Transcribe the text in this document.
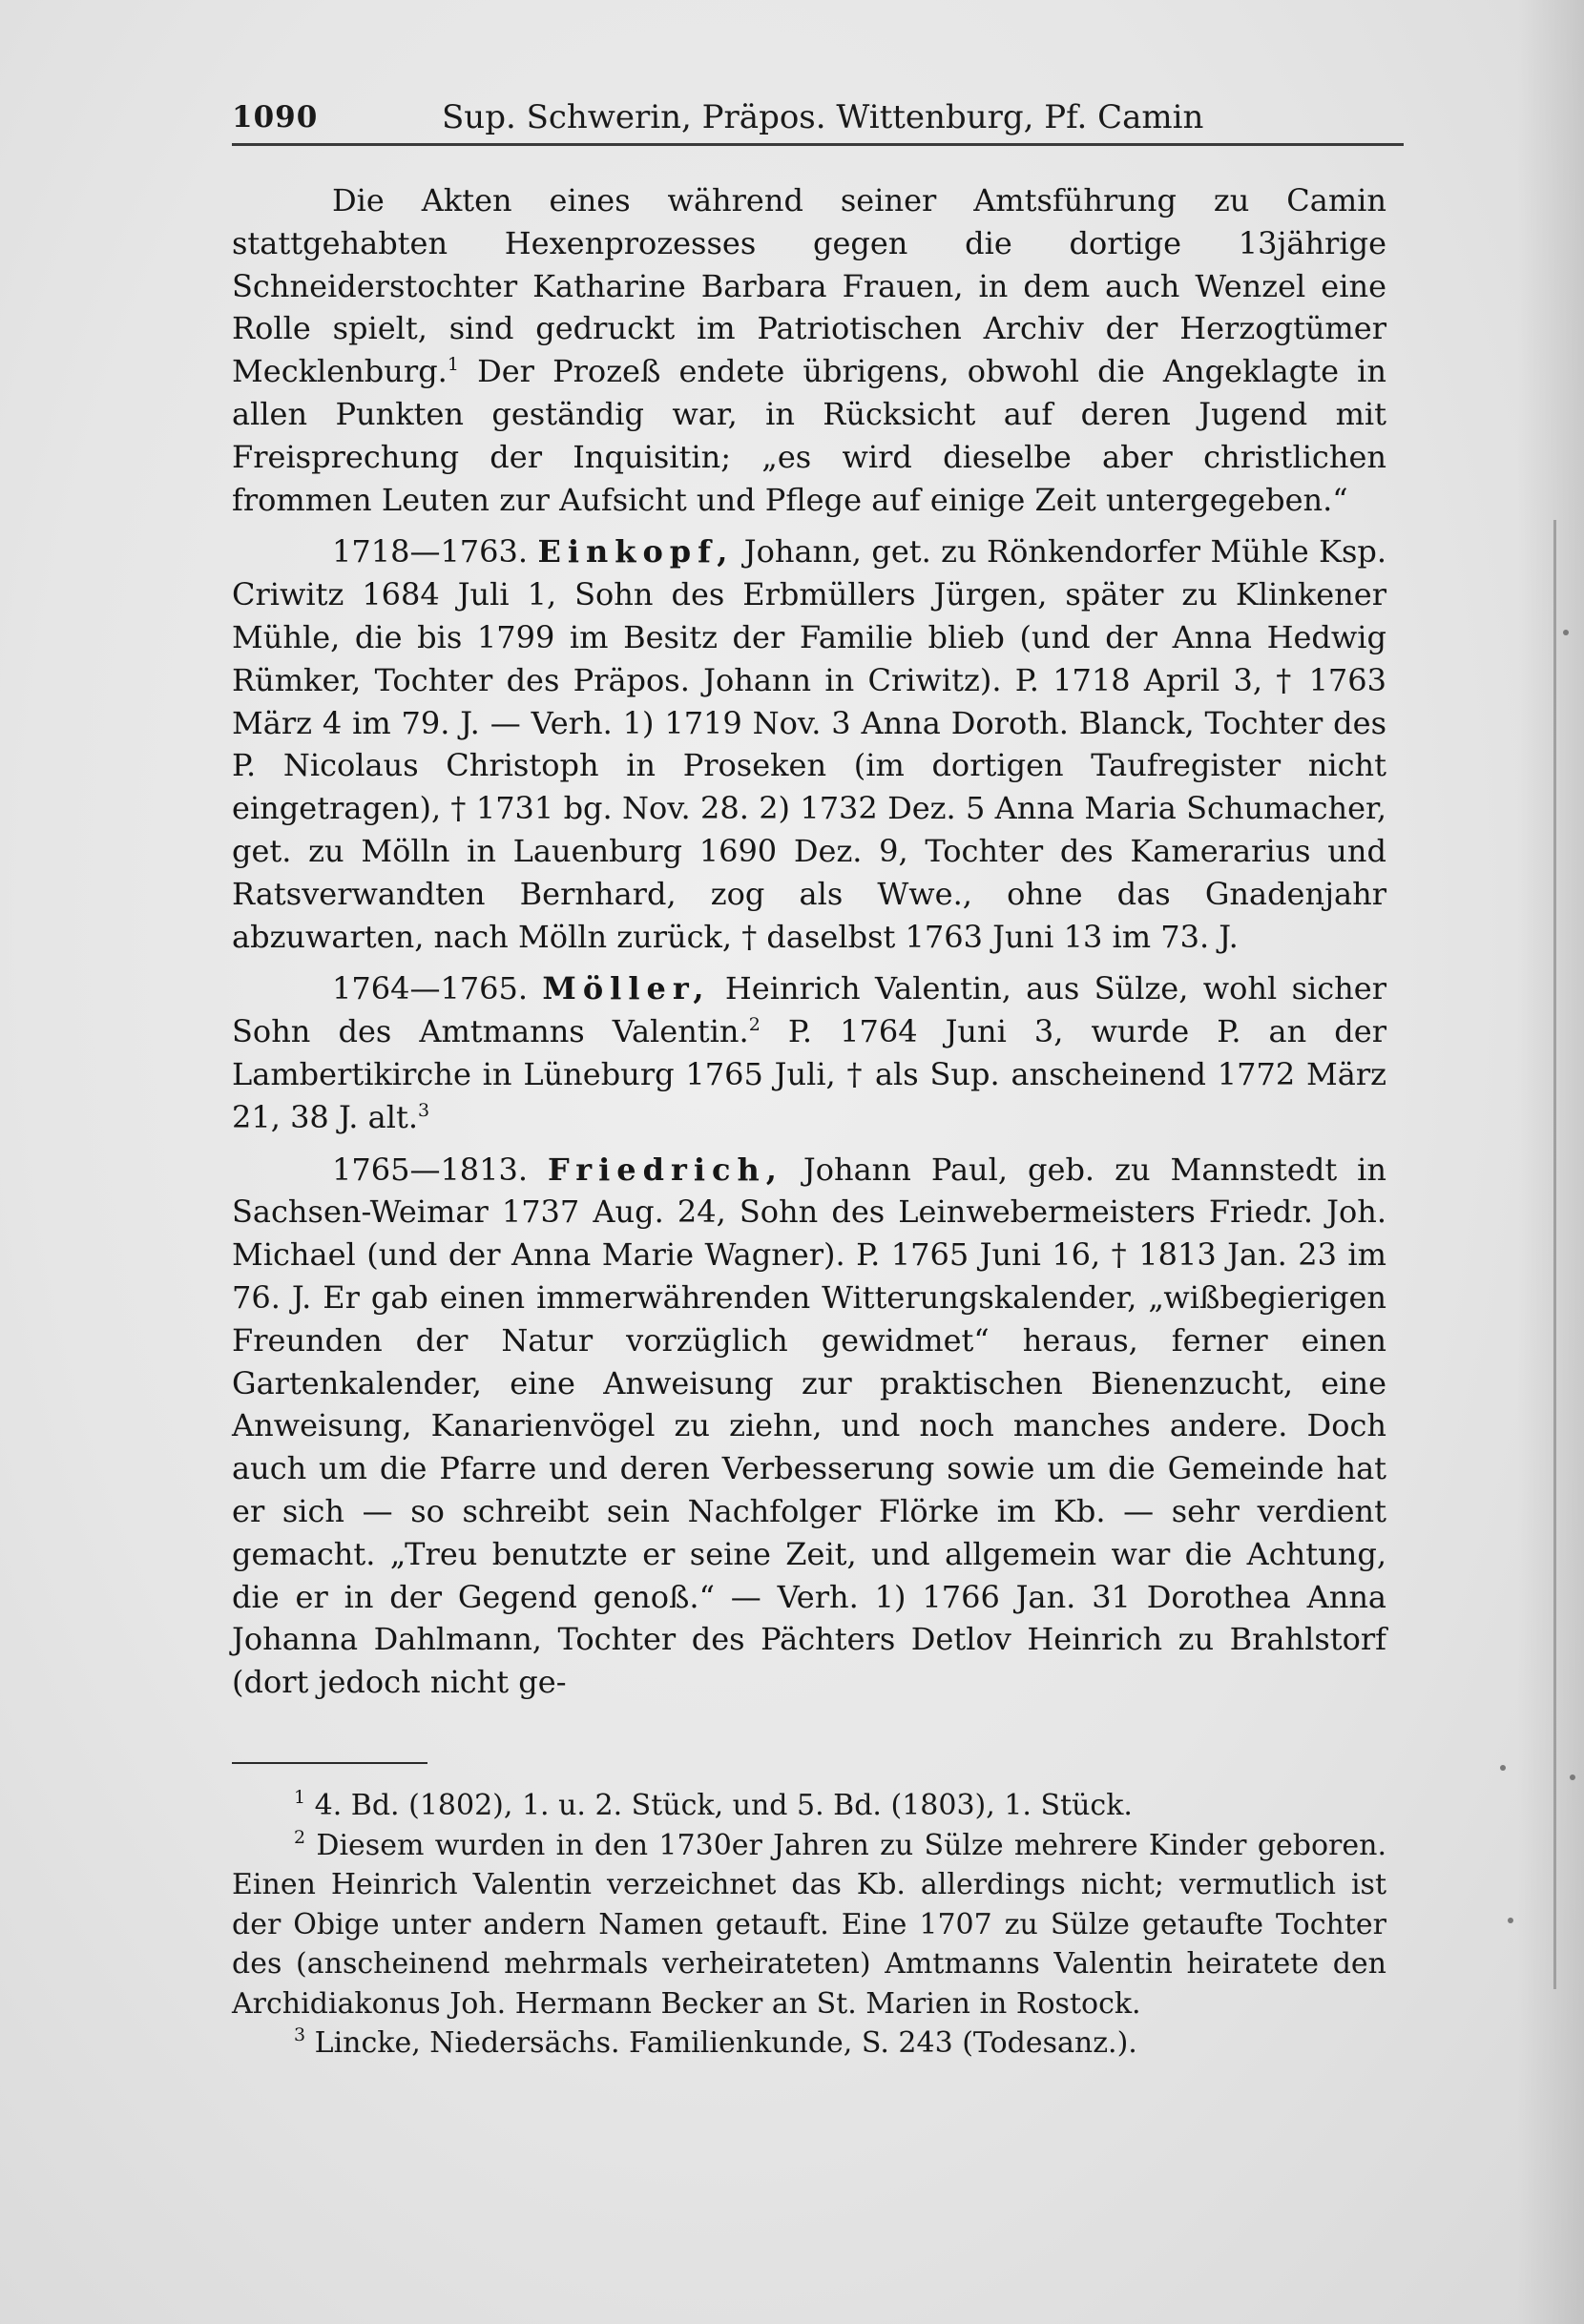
1090	Sup. Schwerin, Präpos. Wittenburg, Pf. Camin

Die Akten eines während seiner Amtsführung zu Camin stattgehabten Hexenprozesses gegen die dortige 13jährige Schneiderstochter Katharine Barbara Frauen, in dem auch Wenzel eine Rolle spielt, sind gedruckt im Patriotischen Archiv der Herzogtümer Mecklenburg.$^1$ Der Prozeß endete übrigens, obwohl die Angeklagte in allen Punkten geständig war, in Rücksicht auf deren Jugend mit Freisprechung der Inquisitin; „es wird dieselbe aber christlichen frommen Leuten zur Aufsicht und Pflege auf einige Zeit untergegeben.“

1718—1763. Einkopf, Johann, get. zu Rönkendorfer Mühle Ksp. Criwitz 1684 Juli 1, Sohn des Erbmüllers Jürgen, später zu Klinkener Mühle, die bis 1799 im Besitz der Familie blieb (und der Anna Hedwig Rümker, Tochter des Präpos. Johann in Criwitz). P. 1718 April 3, † 1763 März 4 im 79. J. — Verh. 1) 1719 Nov. 3 Anna Doroth. Blanck, Tochter des P. Nicolaus Christoph in Proseken (im dortigen Taufregister nicht eingetragen), † 1731 bg. Nov. 28. 2) 1732 Dez. 5 Anna Maria Schumacher, get. zu Mölln in Lauenburg 1690 Dez. 9, Tochter des Kamerarius und Ratsverwandten Bernhard, zog als Wwe., ohne das Gnadenjahr abzuwarten, nach Mölln zurück, † daselbst 1763 Juni 13 im 73. J.

1764—1765. Möller, Heinrich Valentin, aus Sülze, wohl sicher Sohn des Amtmanns Valentin.$^2$ P. 1764 Juni 3, wurde P. an der Lambertikirche in Lüneburg 1765 Juli, † als Sup. anscheinend 1772 März 21, 38 J. alt.$^3$

1765—1813. Friedrich, Johann Paul, geb. zu Mannstedt in Sachsen-Weimar 1737 Aug. 24, Sohn des Leinwebermeisters Friedr. Joh. Michael (und der Anna Marie Wagner). P. 1765 Juni 16, † 1813 Jan. 23 im 76. J. Er gab einen immerwährenden Witterungskalender, „wißbegierigen Freunden der Natur vorzüglich gewidmet“ heraus, ferner einen Gartenkalender, eine Anweisung zur praktischen Bienenzucht, eine Anweisung, Kanarienvögel zu ziehn, und noch manches andere. Doch auch um die Pfarre und deren Verbesserung sowie um die Gemeinde hat er sich — so schreibt sein Nachfolger Flörke im Kb. — sehr verdient gemacht. „Treu benutzte er seine Zeit, und allgemein war die Achtung, die er in der Gegend genoß.“ — Verh. 1) 1766 Jan. 31 Dorothea Anna Johanna Dahlmann, Tochter des Pächters Detlov Heinrich zu Brahlstorf (dort jedoch nicht ge-

$^1$ 4. Bd. (1802), 1. u. 2. Stück, und 5. Bd. (1803), 1. Stück.

$^2$ Diesem wurden in den 1730er Jahren zu Sülze mehrere Kinder geboren. Einen Heinrich Valentin verzeichnet das Kb. allerdings nicht; vermutlich ist der Obige unter andern Namen getauft. Eine 1707 zu Sülze getaufte Tochter des (anscheinend mehrmals verheirateten) Amtmanns Valentin heiratete den Archidiakonus Joh. Hermann Becker an St. Marien in Rostock.

$^3$ Lincke, Niedersächs. Familienkunde, S. 243 (Todesanz.).
